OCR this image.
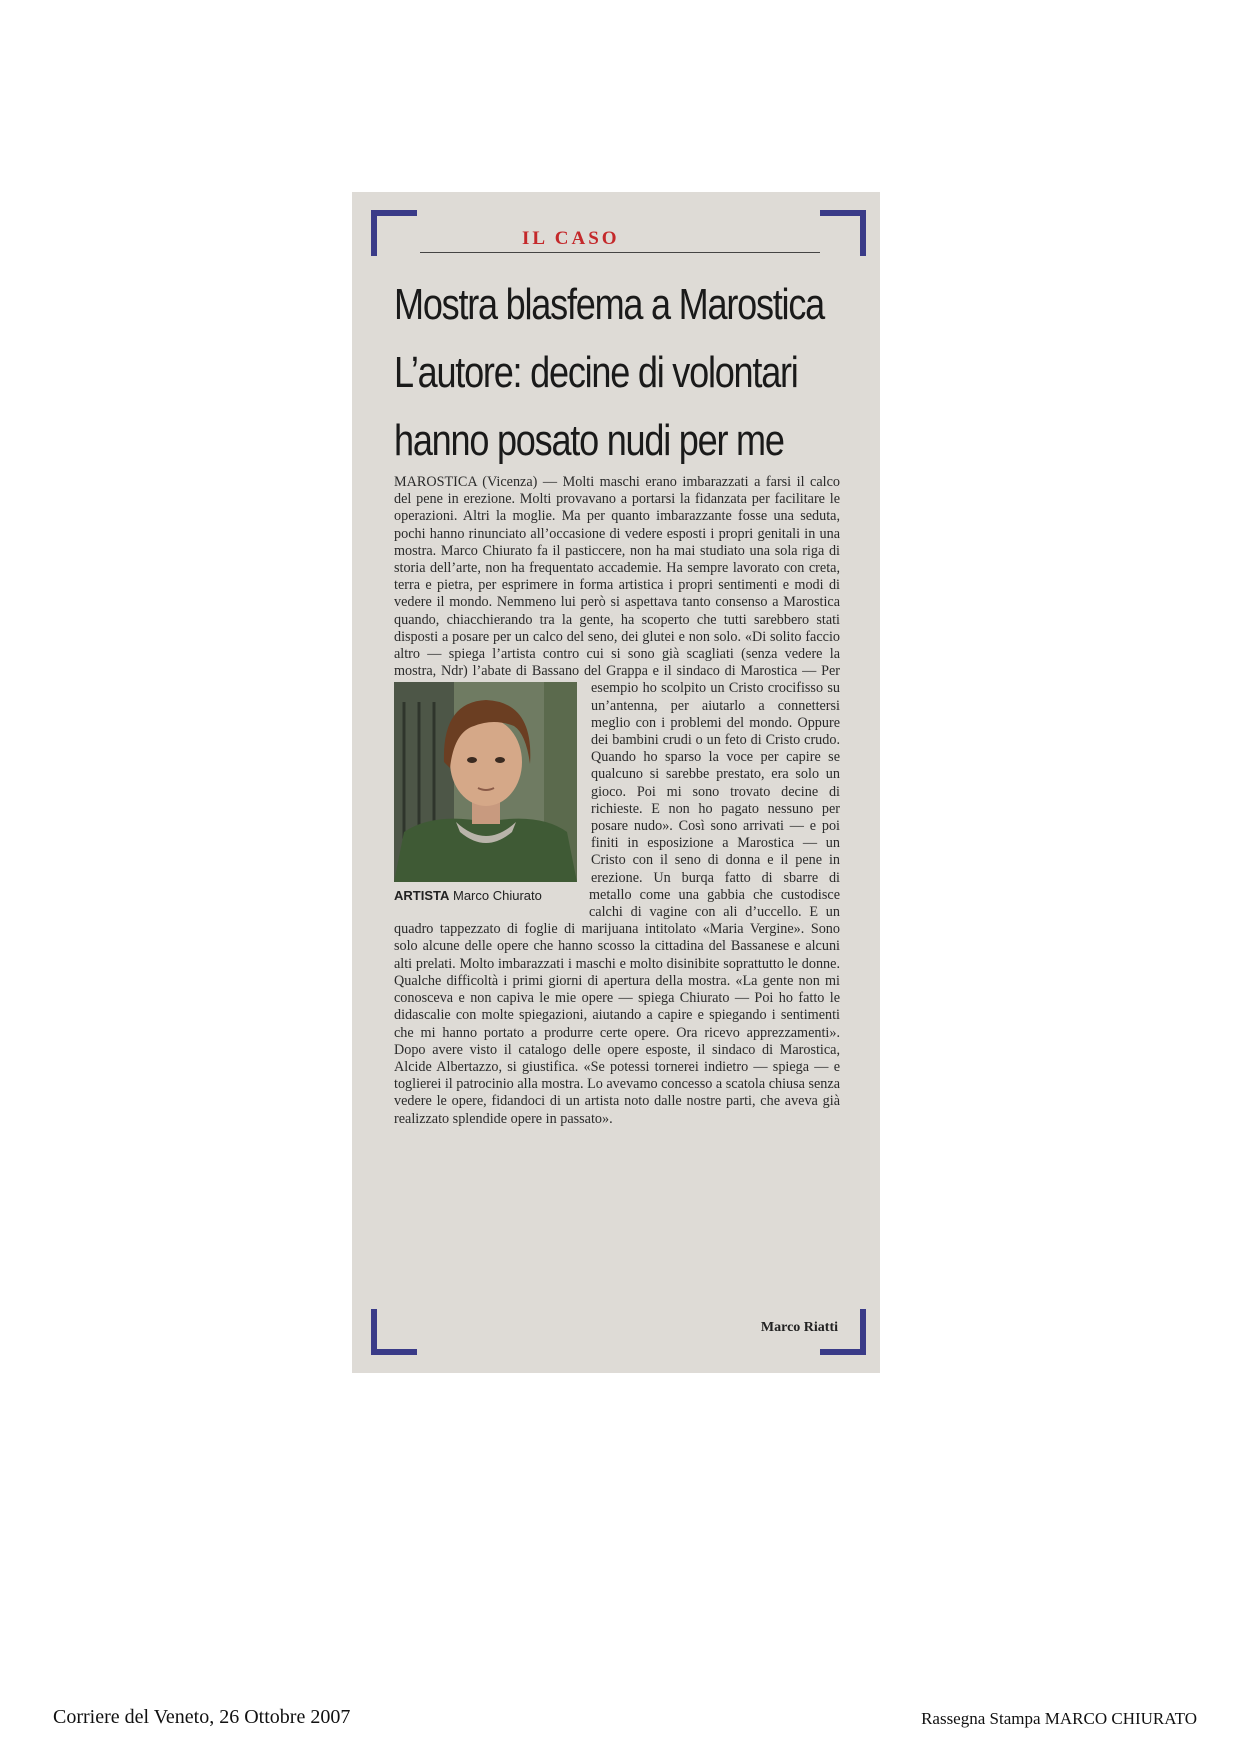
IL CASO
Mostra blasfema a Marostica
L’autore: decine di volontari
hanno posato nudi per me
MAROSTICA (Vicenza) — Molti maschi erano imbarazzati a farsi il calco del pene in erezione. Molti provavano a portarsi la fidanzata per facilitare le operazioni. Altri la moglie. Ma per quanto imbarazzante fosse una seduta, pochi hanno rinunciato all’occasione di vedere esposti i propri genitali in una mostra. Marco Chiurato fa il pasticcere, non ha mai studiato una sola riga di storia dell’arte, non ha frequentato accademie. Ha sempre lavorato con creta, terra e pietra, per esprimere in forma artistica i propri sentimenti e modi di vedere il mondo. Nemmeno lui però si aspettava tanto consenso a Marostica quando, chiacchierando tra la gente, ha scoperto che tutti sarebbero stati disposti a posare per un calco del seno, dei glutei e non solo. «Di solito faccio altro — spiega l’artista contro cui si sono già scagliati (senza vedere la mostra, Ndr) l’abate di Bassano del Grappa e il sindaco di Marostica — Per esempio ho scolpito un Cristo
ARTISTA Marco Chiurato
crocifisso su un’antenna, per aiutarlo a connettersi meglio con i problemi del mondo. Oppure dei bambini crudi o un feto di Cristo crudo. Quando ho sparso la voce per capire se qualcuno si sarebbe prestato, era solo un gioco. Poi mi sono trovato decine di richieste. E non ho pagato nessuno per posare nudo». Così sono arrivati — e poi finiti in esposizione a Marostica — un Cristo con il seno di donna e il pene in erezione. Un burqa fatto di sbarre di metallo come una gabbia che custodisce calchi di vagine con ali d’uccello. E un quadro tappezzato di foglie di marijuana intitolato «Maria Vergine». Sono solo alcune delle opere che hanno scosso la cittadina del Bassanese e alcuni alti prelati. Molto imbarazzati i maschi e molto disinibite soprattutto le donne. Qualche difficoltà i primi giorni di apertura della mostra. «La gente non mi conosceva e non capiva le mie opere — spiega Chiurato — Poi ho fatto le didascalie con molte spiegazioni, aiutando a capire e spiegando i sentimenti che mi hanno portato a produrre certe opere. Ora ricevo apprezzamenti». Dopo avere visto il catalogo delle opere esposte, il sindaco di Marostica, Alcide Albertazzo, si giustifica. «Se potessi tornerei indietro — spiega — e toglierei il patrocinio alla mostra. Lo avevamo concesso a scatola chiusa senza vedere le opere, fidandoci di un artista noto dalle nostre parti, che aveva già realizzato splendide opere in passato».
Marco Riatti
Corriere del Veneto, 26 Ottobre 2007	Rassegna Stampa MARCO CHIURATO
